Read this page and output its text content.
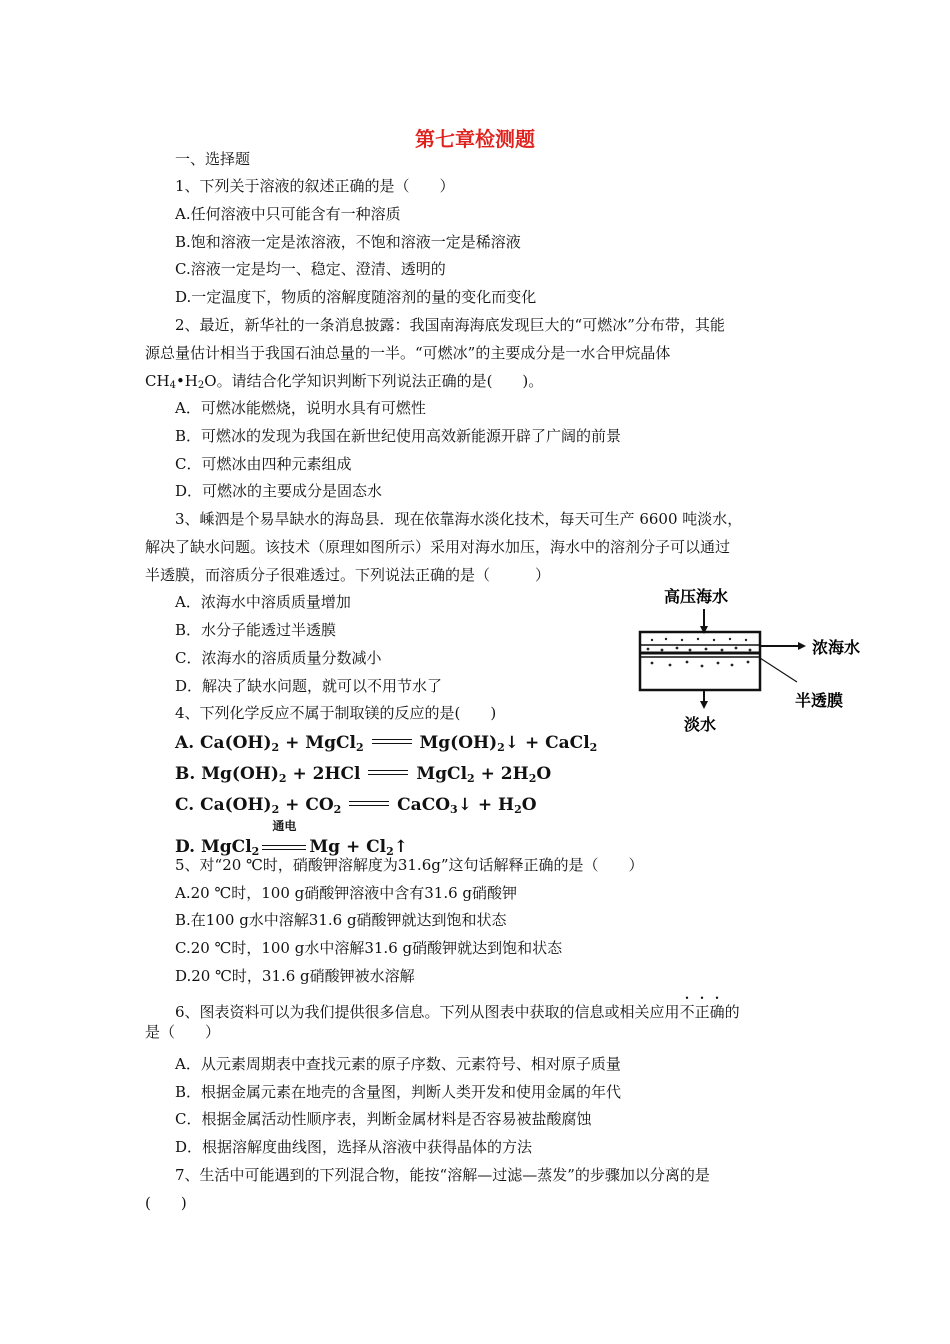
第七章检测题
一、选择题
1、下列关于溶液的叙述正确的是（　　）
A.任何溶液中只可能含有一种溶质
B.饱和溶液一定是浓溶液，不饱和溶液一定是稀溶液
C.溶液一定是均一、稳定、澄清、透明的
D.一定温度下，物质的溶解度随溶剂的量的变化而变化
2、最近，新华社的一条消息披露：我国南海海底发现巨大的“可燃冰”分布带，其能
源总量估计相当于我国石油总量的一半。“可燃冰”的主要成分是一水合甲烷晶体
$CH_4•H_2O$。请结合化学知识判断下列说法正确的是(　　)。
A．可燃冰能燃烧，说明水具有可燃性
B．可燃冰的发现为我国在新世纪使用高效新能源开辟了广阔的前景
C．可燃冰由四种元素组成
D．可燃冰的主要成分是固态水
3、嵊泗是个易旱缺水的海岛县．现在依靠海水淡化技术，每天可生产 6600 吨淡水，
解决了缺水问题。该技术（原理如图所示）采用对海水加压，海水中的溶剂分子可以通过
半透膜，而溶质分子很难透过。下列说法正确的是（　　　）
A．浓海水中溶质质量增加
B．水分子能透过半透膜
C．浓海水的溶质质量分数减小
D．解决了缺水问题，就可以不用节水了
高压海水
浓海水
半透膜
淡水
4、下列化学反应不属于制取镁的反应的是(　　)
A. $Ca(OH)_2$ + MgCl$_2$	$Mg(OH)_2↓$ + CaCl$_2$
B. $Mg(OH)_2 + 2HCl$	MgCl$_2$ + $2H_2O$
C. $Ca(OH)_2 + CO_2$	CaCO$_3$↓ + $H_2O$
D. MgCl$_2$
通电
$Mg + Cl_2↑$
5、对“20 ℃时，硝酸钾溶解度为31.6g”这句话解释正确的是（　　）
A.20 ℃时，100 g硝酸钾溶液中含有31.6 g硝酸钾
B.在100 g水中溶解31.6 g硝酸钾就达到饱和状态
C.20 ℃时，100 g水中溶解31.6 g硝酸钾就达到饱和状态
D.20 ℃时，31.6 g硝酸钾被水溶解
6、图表资料可以为我们提供很多信息。下列从图表中获取的信息或相关应用不正确的
是（　　）
A．从元素周期表中查找元素的原子序数、元素符号、相对原子质量
B．根据金属元素在地壳的含量图，判断人类开发和使用金属的年代
C．根据金属活动性顺序表，判断金属材料是否容易被盐酸腐蚀
D．根据溶解度曲线图，选择从溶液中获得晶体的方法
7、生活中可能遇到的下列混合物，能按“溶解—过滤—蒸发”的步骤加以分离的是
(　　)
